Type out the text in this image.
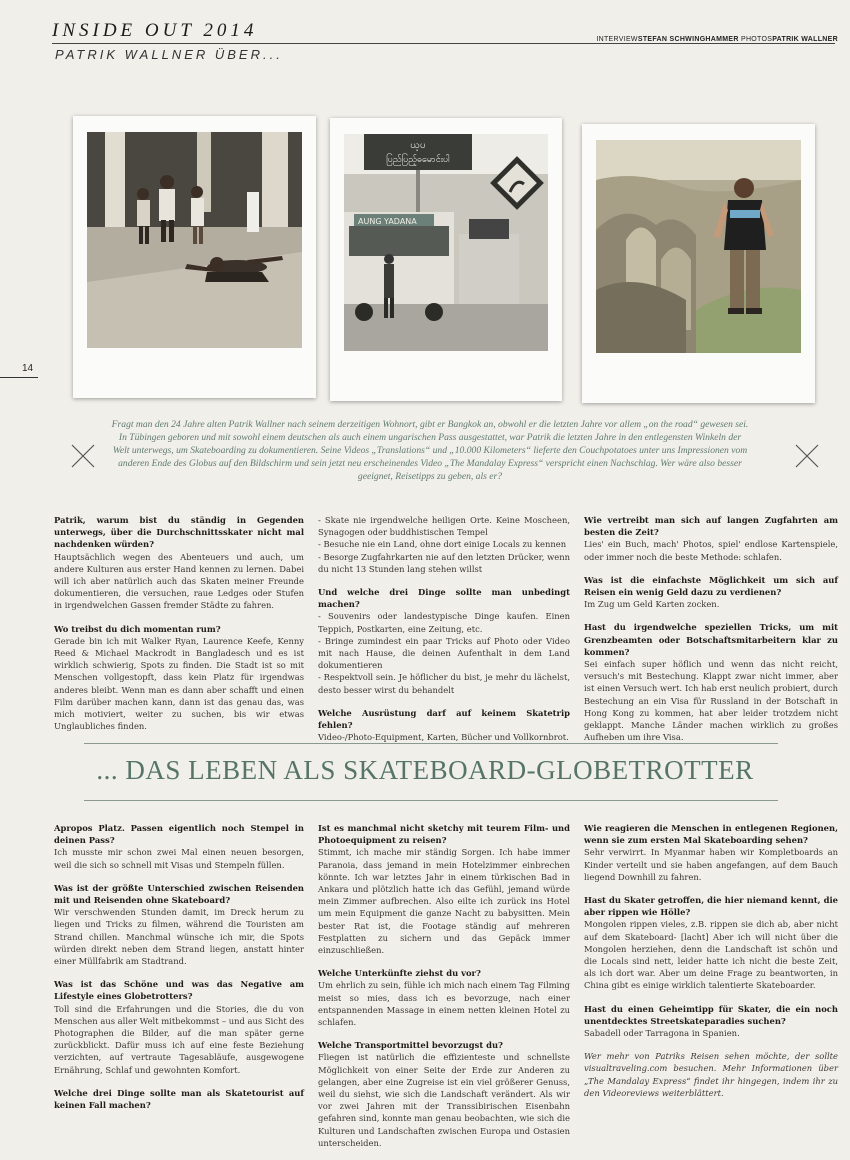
INSIDE OUT 2014
PATRIK WALLNER ÜBER...
INTERVIEWSTEFAN SCHWINGHAMMER PHOTOSPATRIK WALLNER
14
ယ့ပ
ပြည်ပြည့်ဓမောင်းပါ
AUNG YADANA
Fragt man den 24 Jahre alten Patrik Wallner nach seinem derzeitigen Wohnort, gibt er Bangkok an, obwohl er die letzten Jahre vor allem „on the road“ gewesen sei. In Tübingen geboren und mit sowohl einem deutschen als auch einem ungarischen Pass ausgestattet, war Patrik die letzten Jahre in den entlegensten Winkeln der Welt unterwegs, um Skateboarding zu dokumentieren. Seine Videos „Translations“ und „10.000 Kilometers“ lieferte den Couchpotatoes unter uns Impressionen vom anderen Ende des Globus auf den Bildschirm und sein jetzt neu erscheinendes Video „The Mandalay Express“ verspricht einen Nachschlag. Wer wäre also besser geeignet, Reisetipps zu geben, als er?
Patrik, warum bist du ständig in Gegenden unterwegs, über die Durchschnittsskater nicht mal nachdenken würden?
Hauptsächlich wegen des Abenteuers und auch, um andere Kulturen aus erster Hand kennen zu lernen. Dabei will ich aber natürlich auch das Skaten meiner Freunde dokumentieren, die versuchen, raue Ledges oder Stufen in irgendwelchen Gassen fremder Städte zu fahren.
Wo treibst du dich momentan rum?
Gerade bin ich mit Walker Ryan, Laurence Keefe, Kenny Reed & Michael Mackrodt in Bangladesch und es ist wirklich schwierig, Spots zu finden. Die Stadt ist so mit Menschen vollgestopft, dass kein Platz für irgendwas anderes bleibt. Wenn man es dann aber schafft und einen Film darüber machen kann, dann ist das genau das, was mich motiviert, weiter zu suchen, bis wir etwas Unglaubliches finden.
- Skate nie irgendwelche heiligen Orte. Keine Moscheen, Synagogen oder buddhistischen Tempel
- Besuche nie ein Land, ohne dort einige Locals zu kennen
- Besorge Zugfahrkarten nie auf den letzten Drücker, wenn du nicht 13 Stunden lang stehen willst
Und welche drei Dinge sollte man unbedingt machen?
- Souvenirs oder landestypische Dinge kaufen. Einen Teppich, Postkarten, eine Zeitung, etc.
- Bringe zumindest ein paar Tricks auf Photo oder Video mit nach Hause, die deinen Aufenthalt in dem Land dokumentieren
- Respektvoll sein. Je höflicher du bist, je mehr du lächelst, desto besser wirst du behandelt
Welche Ausrüstung darf auf keinem Skatetrip fehlen?
Video-/Photo-Equipment, Karten, Bücher und Vollkornbrot.
Wie vertreibt man sich auf langen Zugfahrten am besten die Zeit?
Lies' ein Buch, mach' Photos, spiel' endlose Kartenspiele, oder immer noch die beste Methode: schlafen.
Was ist die einfachste Möglichkeit um sich auf Reisen ein wenig Geld dazu zu verdienen?
Im Zug um Geld Karten zocken.
Hast du irgendwelche speziellen Tricks, um mit Grenzbeamten oder Botschaftsmitarbeitern klar zu kommen?
Sei einfach super höflich und wenn das nicht reicht, versuch's mit Bestechung. Klappt zwar nicht immer, aber ist einen Versuch wert. Ich hab erst neulich probiert, durch Bestechung an ein Visa für Russland in der Botschaft in Hong Kong zu kommen, hat aber leider trotzdem nicht geklappt. Manche Länder machen wirklich zu großes Aufheben um ihre Visa.
... DAS LEBEN ALS SKATEBOARD-GLOBETROTTER
Apropos Platz. Passen eigentlich noch Stempel in deinen Pass?
Ich musste mir schon zwei Mal einen neuen besorgen, weil die sich so schnell mit Visas und Stempeln füllen.
Was ist der größte Unterschied zwischen Reisenden mit und Reisenden ohne Skateboard?
Wir verschwenden Stunden damit, im Dreck herum zu liegen und Tricks zu filmen, während die Touristen am Strand chillen. Manchmal wünsche ich mir, die Spots würden direkt neben dem Strand liegen, anstatt hinter einer Müllfabrik am Stadtrand.
Was ist das Schöne und was das Negative am Lifestyle eines Globetrotters?
Toll sind die Erfahrungen und die Stories, die du von Menschen aus aller Welt mitbekommst – und aus Sicht des Photographen die Bilder, auf die man später gerne zurückblickt. Dafür muss ich auf eine feste Beziehung verzichten, auf vertraute Tagesabläufe, ausgewogene Ernährung, Schlaf und gewohnten Komfort.
Welche drei Dinge sollte man als Skatetourist auf keinen Fall machen?
Ist es manchmal nicht sketchy mit teurem Film- und Photoequipment zu reisen?
Stimmt, ich mache mir ständig Sorgen. Ich habe immer Paranoia, dass jemand in mein Hotelzimmer einbrechen könnte. Ich war letztes Jahr in einem türkischen Bad in Ankara und plötzlich hatte ich das Gefühl, jemand würde mein Zimmer aufbrechen. Also eilte ich zurück ins Hotel um mein Equipment die ganze Nacht zu babysitten. Mein bester Rat ist, die Footage ständig auf mehreren Festplatten zu sichern und das Gepäck immer einzuschließen.
Welche Unterkünfte ziehst du vor?
Um ehrlich zu sein, fühle ich mich nach einem Tag Filming meist so mies, dass ich es bevorzuge, nach einer entspannenden Massage in einem netten kleinen Hotel zu schlafen.
Welche Transportmittel bevorzugst du?
Fliegen ist natürlich die effizienteste und schnellste Möglichkeit von einer Seite der Erde zur Anderen zu gelangen, aber eine Zugreise ist ein viel größerer Genuss, weil du siehst, wie sich die Landschaft verändert. Als wir vor zwei Jahren mit der Transsibirischen Eisenbahn gefahren sind, konnte man genau beobachten, wie sich die Kulturen und Landschaften zwischen Europa und Ostasien unterscheiden.
Wie reagieren die Menschen in entlegenen Regionen, wenn sie zum ersten Mal Skateboarding sehen?
Sehr verwirrt. In Myanmar haben wir Kompletboards an Kinder verteilt und sie haben angefangen, auf dem Bauch liegend Downhill zu fahren.
Hast du Skater getroffen, die hier niemand kennt, die aber rippen wie Hölle?
Mongolen rippen vieles, z.B. rippen sie dich ab, aber nicht auf dem Skateboard- [lacht] Aber ich will nicht über die Mongolen herziehen, denn die Landschaft ist schön und die Locals sind nett, leider hatte ich nicht die beste Zeit, als ich dort war. Aber um deine Frage zu beantworten, in China gibt es einige wirklich talentierte Skateboarder.
Hast du einen Geheimtipp für Skater, die ein noch unentdecktes Streetskateparadies suchen?
Sabadell oder Tarragona in Spanien.
Wer mehr von Patriks Reisen sehen möchte, der sollte visualtraveling.com besuchen. Mehr Informationen über „The Mandalay Express“ findet ihr hingegen, indem ihr zu den Videoreviews weiterblättert.
